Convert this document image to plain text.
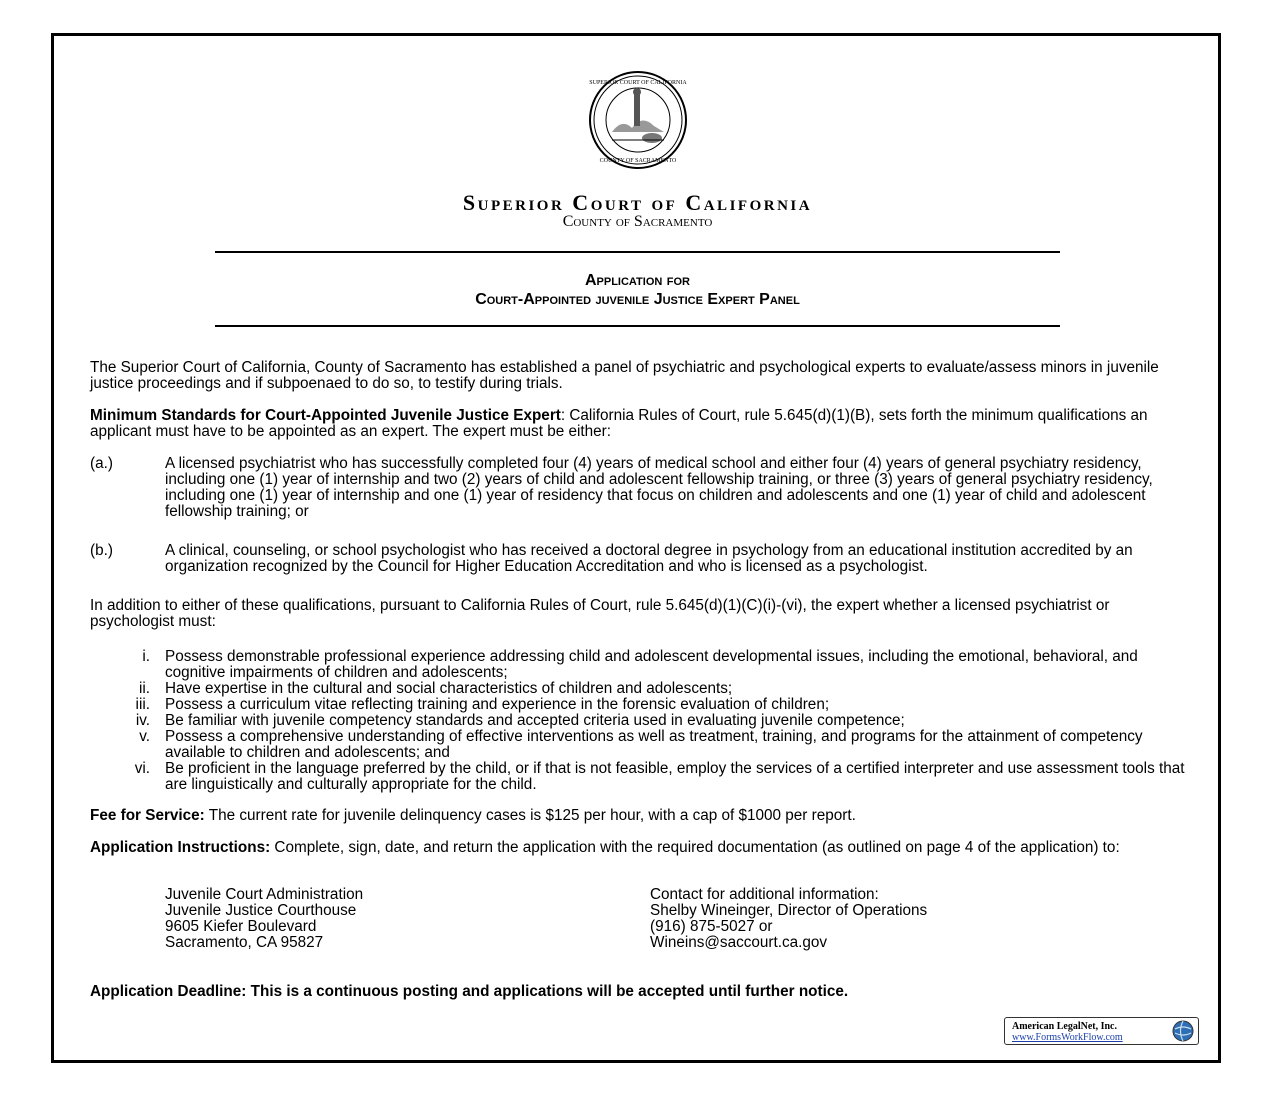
SUPERIOR COURT OF CALIFORNIA
COUNTY OF SACRAMENTO
Superior Court of California
County of Sacramento
Application for
Court-Appointed juvenile Justice Expert Panel
The Superior Court of California, County of Sacramento has established a panel of psychiatric and psychological experts to evaluate/assess minors in juvenile justice proceedings and if subpoenaed to do so, to testify during trials.
Minimum Standards for Court-Appointed Juvenile Justice Expert: California Rules of Court, rule 5.645(d)(1)(B), sets forth the minimum qualifications an applicant must have to be appointed as an expert. The expert must be either:
(a.)	A licensed psychiatrist who has successfully completed four (4) years of medical school and either four (4) years of general psychiatry residency, including one (1) year of internship and two (2) years of child and adolescent fellowship training, or three (3) years of general psychiatry residency, including one (1) year of internship and one (1) year of residency that focus on children and adolescents and one (1) year of child and adolescent fellowship training; or
(b.)	A clinical, counseling, or school psychologist who has received a doctoral degree in psychology from an educational institution accredited by an organization recognized by the Council for Higher Education Accreditation and who is licensed as a psychologist.
In addition to either of these qualifications, pursuant to California Rules of Court, rule 5.645(d)(1)(C)(i)-(vi), the expert whether a licensed psychiatrist or psychologist must:
i. Possess demonstrable professional experience addressing child and adolescent developmental issues, including the emotional, behavioral, and cognitive impairments of children and adolescents;
ii. Have expertise in the cultural and social characteristics of children and adolescents;
iii. Possess a curriculum vitae reflecting training and experience in the forensic evaluation of children;
iv. Be familiar with juvenile competency standards and accepted criteria used in evaluating juvenile competence;
v. Possess a comprehensive understanding of effective interventions as well as treatment, training, and programs for the attainment of competency available to children and adolescents; and
vi. Be proficient in the language preferred by the child, or if that is not feasible, employ the services of a certified interpreter and use assessment tools that are linguistically and culturally appropriate for the child.
Fee for Service: The current rate for juvenile delinquency cases is $125 per hour, with a cap of $1000 per report.
Application Instructions: Complete, sign, date, and return the application with the required documentation (as outlined on page 4 of the application) to:
Juvenile Court Administration
Juvenile Justice Courthouse
9605 Kiefer Boulevard
Sacramento, CA 95827
Contact for additional information:
Shelby Wineinger, Director of Operations
(916) 875-5027 or
Wineins@saccourt.ca.gov
Application Deadline: This is a continuous posting and applications will be accepted until further notice.
American LegalNet, Inc.
www.FormsWorkFlow.com
